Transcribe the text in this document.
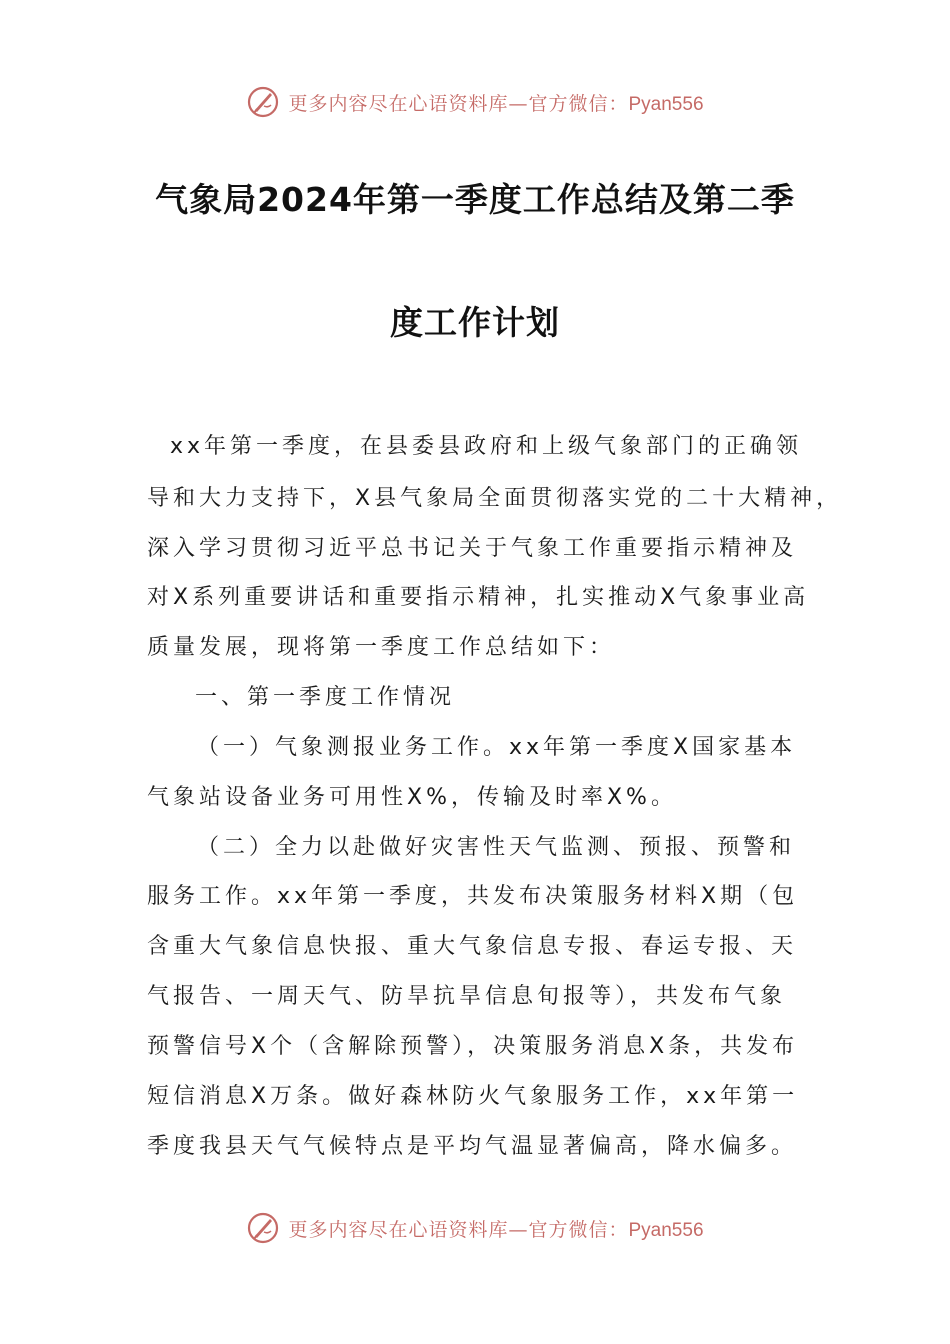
更多内容尽在心语资料库—官方微信：Pyan556
气象局2024年第一季度工作总结及第二季
度工作计划
xx年第一季度，在县委县政府和上级气象部门的正确领
导和大力支持下，X县气象局全面贯彻落实党的二十大精神，
深入学习贯彻习近平总书记关于气象工作重要指示精神及
对X系列重要讲话和重要指示精神，扎实推动X气象事业高
质量发展，现将第一季度工作总结如下：
一、第一季度工作情况
（一）气象测报业务工作。xx年第一季度X国家基本
气象站设备业务可用性X%，传输及时率X%。
（二）全力以赴做好灾害性天气监测、预报、预警和
服务工作。xx年第一季度，共发布决策服务材料X期（包
含重大气象信息快报、重大气象信息专报、春运专报、天
气报告、一周天气、防旱抗旱信息旬报等），共发布气象
预警信号X个（含解除预警），决策服务消息X条，共发布
短信消息X万条。做好森林防火气象服务工作，xx年第一
季度我县天气气候特点是平均气温显著偏高，降水偏多。
更多内容尽在心语资料库—官方微信：Pyan556
